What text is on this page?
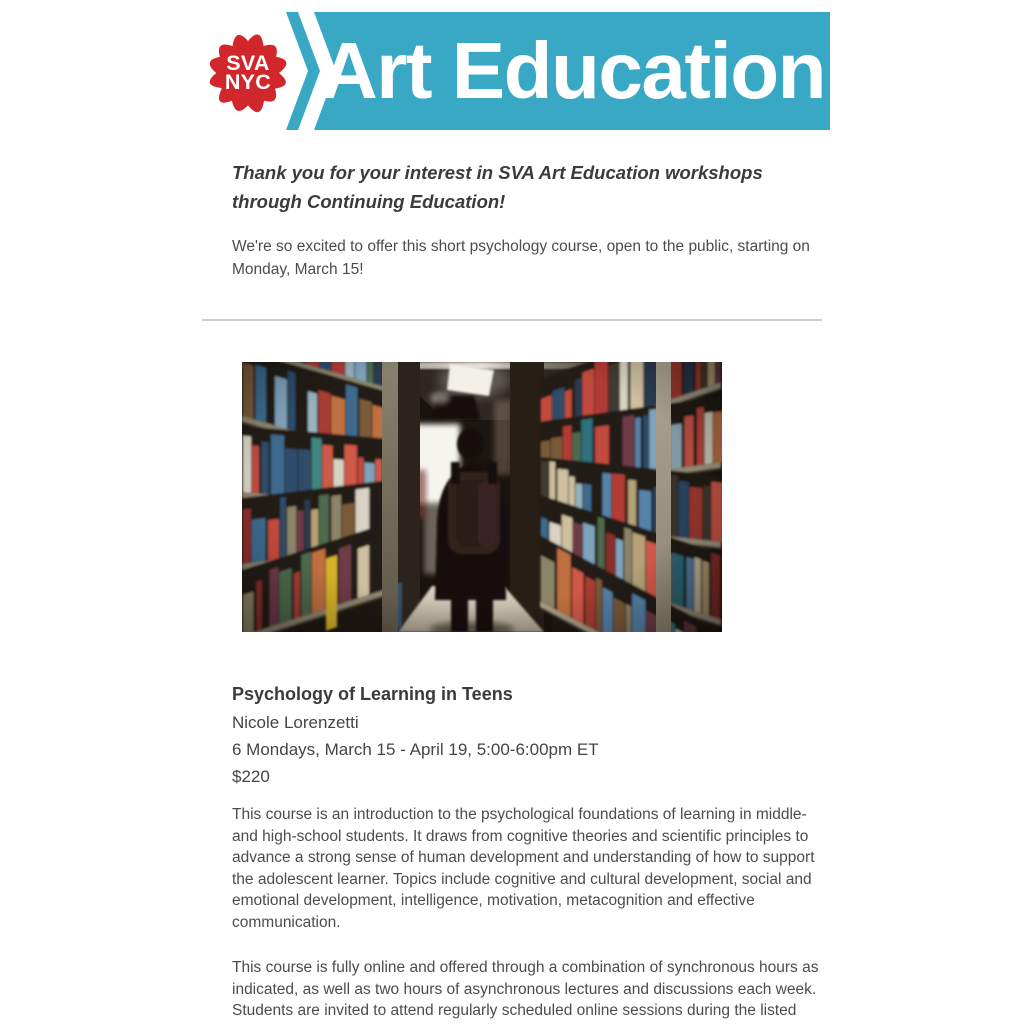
SVA
NYC Art Education
Thank you for your interest in SVA Art Education workshops through Continuing Education!
We're so excited to offer this short psychology course, open to the public, starting on Monday, March 15!
Psychology of Learning in Teens
Nicole Lorenzetti
6 Mondays, March 15 - April 19, 5:00-6:00pm ET
$220
This course is an introduction to the psychological foundations of learning in middle- and high-school students. It draws from cognitive theories and scientific principles to advance a strong sense of human development and understanding of how to support the adolescent learner. Topics include cognitive and cultural development, social and emotional development, intelligence, motivation, metacognition and effective communication.
This course is fully online and offered through a combination of synchronous hours as indicated, as well as two hours of asynchronous lectures and discussions each week. Students are invited to attend regularly scheduled online sessions during the listed
